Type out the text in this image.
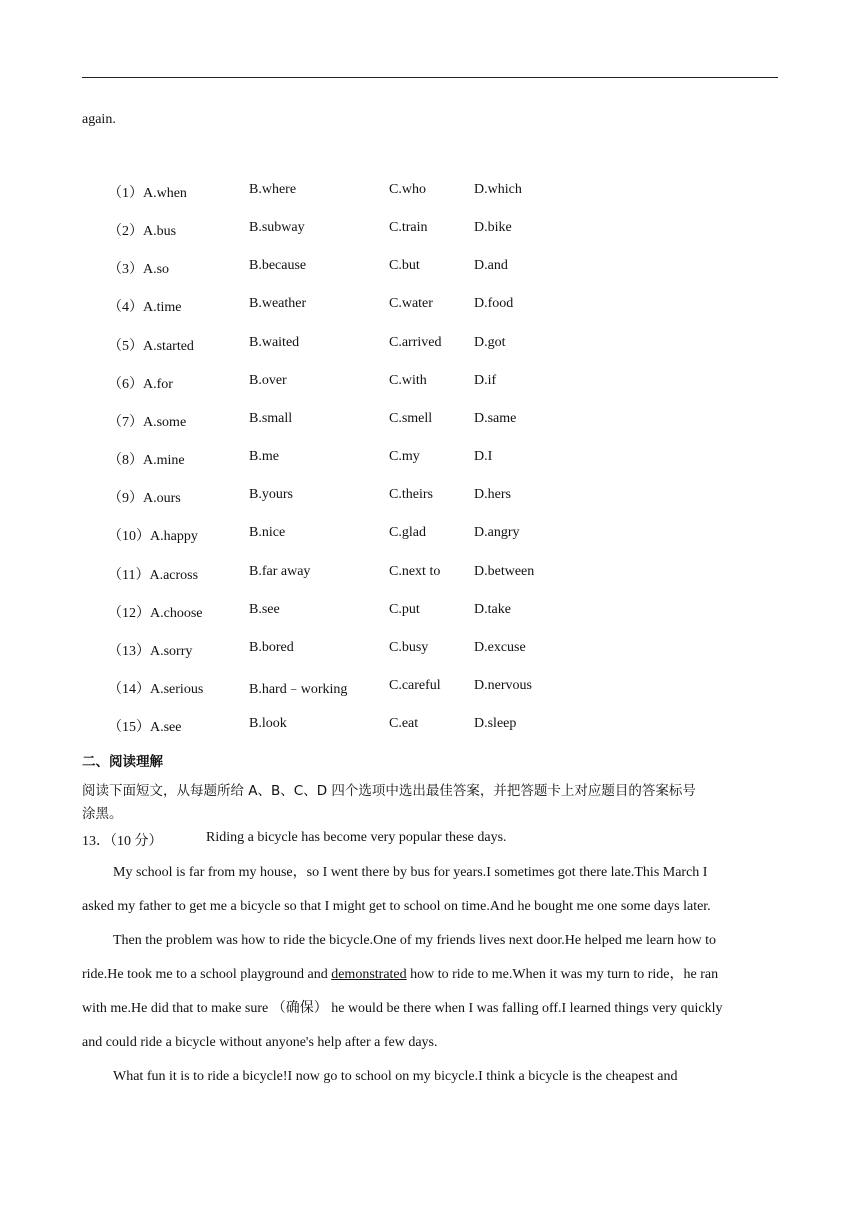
again.
（1）A.when	B.where	C.who	D.which
（2）A.bus	B.subway	C.train	D.bike
（3）A.so	B.because	C.but	D.and
（4）A.time	B.weather	C.water	D.food
（5）A.started	B.waited	C.arrived D.got
（6）A.for	B.over	C.with	D.if
（7）A.some	B.small	C.smell	D.same
（8）A.mine	B.me	C.my	D.I
（9）A.ours	B.yours	C.theirs	D.hers
（10）A.happy	B.nice	C.glad	D.angry
（11）A.across	B.far away	C.next to D.between
（12）A.choose	B.see	C.put	D.take
（13）A.sorry	B.bored	C.busy	D.excuse
（14）A.serious	B.hard﹣working	C.careful D.nervous
（15）A.see	B.look	C.eat	D.sleep
二、阅读理解
阅读下面短文，从每题所给 A、B、C、D 四个选项中选出最佳答案，并把答题卡上对应题目的答案标号
涂黑。
13．（10 分）	Riding a bicycle has become very popular these days.
My school is far from my house，so I went there by bus for years.I sometimes got there late.This March I
asked my father to get me a bicycle so that I might get to school on time.And he bought me one some days later.
Then the problem was how to ride the bicycle.One of my friends lives next door.He helped me learn how to
ride.He took me to a school playground and demonstrated how to ride to me.When it was my turn to ride，he ran
with me.He did that to make sure （确保） he would be there when I was falling off.I learned things very quickly
and could ride a bicycle without anyone's help after a few days.
What fun it is to ride a bicycle!I now go to school on my bicycle.I think a bicycle is the cheapest and
